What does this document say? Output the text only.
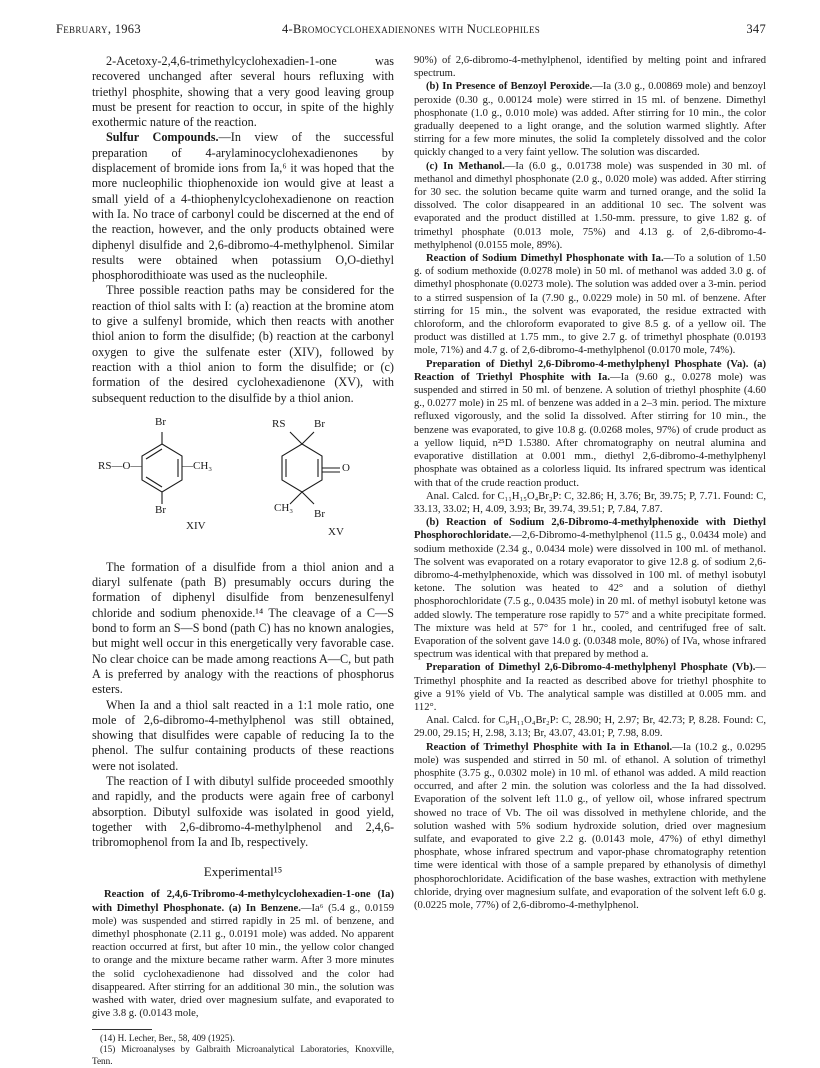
February, 1963	4-Bromocyclohexadienones with Nucleophiles	347

2-Acetoxy-2,4,6-trimethylcyclohexadien-1-one was recovered unchanged after several hours refluxing with triethyl phosphite, showing that a very good leaving group must be present for reaction to occur, in spite of the highly exothermic nature of the reaction.

Sulfur Compounds.—In view of the successful preparation of 4-arylaminocyclohexadienones by displacement of bromide ions from Ia,⁶ it was hoped that the more nucleophilic thiophenoxide ion would give at least a small yield of a 4-thiophenylcyclohexadienone on reaction with Ia. No trace of carbonyl could be discerned at the end of the reaction, however, and the only products obtained were diphenyl disulfide and 2,6-dibromo-4-methylphenol. Similar results were obtained when potassium O,O-diethyl phosphorodithioate was used as the nucleophile.

Three possible reaction paths may be considered for the reaction of thiol salts with I: (a) reaction at the bromine atom to give a sulfenyl bromide, which then reacts with another thiol anion to form the disulfide; (b) reaction at the carbonyl oxygen to give the sulfenate ester (XIV), followed by reaction with a thiol anion to form the disulfide; or (c) formation of the desired cyclohexadienone (XV), with subsequent reduction to the disulfide by a thiol anion.

Br
RS—O—	—CH₃
Br
XIV
RS	Br
O
CH₃ Br
XV

The formation of a disulfide from a thiol anion and a diaryl sulfenate (path B) presumably occurs during the formation of diphenyl disulfide from benzenesulfenyl chloride and sodium phenoxide.¹⁴ The cleavage of a C—S bond to form an S—S bond (path C) has no known analogies, but might well occur in this energetically very favorable case. No clear choice can be made among reactions A—C, but path A is preferred by analogy with the reactions of phosphorus esters.

When Ia and a thiol salt reacted in a 1:1 mole ratio, one mole of 2,6-dibromo-4-methylphenol was still obtained, showing that disulfides were capable of reducing Ia to the phenol. The sulfur containing products of these reactions were not isolated.

The reaction of I with dibutyl sulfide proceeded smoothly and rapidly, and the products were again free of carbonyl absorption. Dibutyl sulfoxide was isolated in good yield, together with 2,6-dibromo-4-methylphenol and 2,4,6-tribromophenol from Ia and Ib, respectively.

Experimental¹⁵

Reaction of 2,4,6-Tribromo-4-methylcyclohexadien-1-one (Ia) with Dimethyl Phosphonate. (a) In Benzene.—Ia⁶ (5.4 g., 0.0159 mole) was suspended and stirred rapidly in 25 ml. of benzene, and dimethyl phosphonate (2.11 g., 0.0191 mole) was added. No apparent reaction occurred at first, but after 10 min., the yellow color changed to orange and the mixture became rather warm. After 3 more minutes the solid cyclohexadienone had dissolved and the color had disappeared. After stirring for an additional 30 min., the solution was washed with water, dried over magnesium sulfate, and evaporated to give 3.8 g. (0.0143 mole,

(14) H. Lecher, Ber., 58, 409 (1925).

(15) Microanalyses by Galbraith Microanalytical Laboratories, Knoxville, Tenn.

90%) of 2,6-dibromo-4-methylphenol, identified by melting point and infrared spectrum.

(b) In Presence of Benzoyl Peroxide.—Ia (3.0 g., 0.00869 mole) and benzoyl peroxide (0.30 g., 0.00124 mole) were stirred in 15 ml. of benzene. Dimethyl phosphonate (1.0 g., 0.010 mole) was added. After stirring for 10 min., the color gradually deepened to a light orange, and the solution warmed slightly. After stirring for a few more minutes, the solid Ia completely dissolved and the color quickly changed to a very faint yellow. The solution was discarded.

(c) In Methanol.—Ia (6.0 g., 0.01738 mole) was suspended in 30 ml. of methanol and dimethyl phosphonate (2.0 g., 0.020 mole) was added. After stirring for 30 sec. the solution became quite warm and turned orange, and the solid Ia dissolved. The color disappeared in an additional 10 sec. The solvent was evaporated and the product distilled at 1.50-mm. pressure, to give 1.82 g. of trimethyl phosphate (0.013 mole, 75%) and 4.13 g. of 2,6-dibromo-4-methylphenol (0.0155 mole, 89%).

Reaction of Sodium Dimethyl Phosphonate with Ia.—To a solution of 1.50 g. of sodium methoxide (0.0278 mole) in 50 ml. of methanol was added 3.0 g. of dimethyl phosphonate (0.0273 mole). The solution was added over a 3-min. period to a stirred suspension of Ia (7.90 g., 0.0229 mole) in 50 ml. of benzene. After stirring for 15 min., the solvent was evaporated, the residue extracted with chloroform, and the chloroform evaporated to give 8.5 g. of a yellow oil. The product was distilled at 1.75 mm., to give 2.7 g. of trimethyl phosphate (0.0193 mole, 71%) and 4.7 g. of 2,6-dibromo-4-methylphenol (0.0170 mole, 74%).

Preparation of Diethyl 2,6-Dibromo-4-methylphenyl Phosphate (Va). (a) Reaction of Triethyl Phosphite with Ia.—Ia (9.60 g., 0.0278 mole) was suspended and stirred in 50 ml. of benzene. A solution of triethyl phosphite (4.60 g., 0.0277 mole) in 25 ml. of benzene was added in a 2–3 min. period. The mixture refluxed vigorously, and the solid Ia dissolved. After stirring for 10 min., the benzene was evaporated, to give 10.8 g. (0.0268 moles, 97%) of crude product as a yellow liquid, n²⁵D 1.5380. After chromatography on neutral alumina and evaporative distillation at 0.001 mm., diethyl 2,6-dibromo-4-methylphenyl phosphate was obtained as a colorless liquid. Its infrared spectrum was identical with that of the crude reaction product.

Anal. Calcd. for C₁₁H₁₅O₄Br₂P: C, 32.86; H, 3.76; Br, 39.75; P, 7.71. Found: C, 33.13, 33.02; H, 4.09, 3.93; Br, 39.74, 39.51; P, 7.84, 7.87.

(b) Reaction of Sodium 2,6-Dibromo-4-methylphenoxide with Diethyl Phosphorochloridate.—2,6-Dibromo-4-methylphenol (11.5 g., 0.0434 mole) and sodium methoxide (2.34 g., 0.0434 mole) were dissolved in 100 ml. of methanol. The solvent was evaporated on a rotary evaporator to give 12.8 g. of sodium 2,6-dibromo-4-methylphenoxide, which was dissolved in 100 ml. of methyl isobutyl ketone. The solution was heated to 42° and a solution of diethyl phosphorochloridate (7.5 g., 0.0435 mole) in 20 ml. of methyl isobutyl ketone was added slowly. The temperature rose rapidly to 57° and a white precipitate formed. The mixture was held at 57° for 1 hr., cooled, and centrifuged free of salt. Evaporation of the solvent gave 14.0 g. (0.0348 mole, 80%) of IVa, whose infrared spectrum was identical with that prepared by method a.

Preparation of Dimethyl 2,6-Dibromo-4-methylphenyl Phosphate (Vb).—Trimethyl phosphite and Ia reacted as described above for triethyl phosphite to give a 91% yield of Vb. The analytical sample was distilled at 0.005 mm. and 112°.

Anal. Calcd. for C₉H₁₁O₄Br₂P: C, 28.90; H, 2.97; Br, 42.73; P, 8.28. Found: C, 29.00, 29.15; H, 2.98, 3.13; Br, 43.07, 43.01; P, 7.98, 8.09.

Reaction of Trimethyl Phosphite with Ia in Ethanol.—Ia (10.2 g., 0.0295 mole) was suspended and stirred in 50 ml. of ethanol. A solution of trimethyl phosphite (3.75 g., 0.0302 mole) in 10 ml. of ethanol was added. A mild reaction occurred, and after 2 min. the solution was colorless and the Ia had dissolved. Evaporation of the solvent left 11.0 g., of yellow oil, whose infrared spectrum showed no trace of Vb. The oil was dissolved in methylene chloride, and the solution washed with 5% sodium hydroxide solution, dried over magnesium sulfate, and evaporated to give 2.2 g. (0.0143 mole, 47%) of ethyl dimethyl phosphate, whose infrared spectrum and vapor-phase chromatography retention time were identical with those of a sample prepared by ethanolysis of dimethyl phosphorochloridate. Acidification of the base washes, extraction with methylene chloride, drying over magnesium sulfate, and evaporation of the solvent left 6.0 g. (0.0225 mole, 77%) of 2,6-dibromo-4-methylphenol.
